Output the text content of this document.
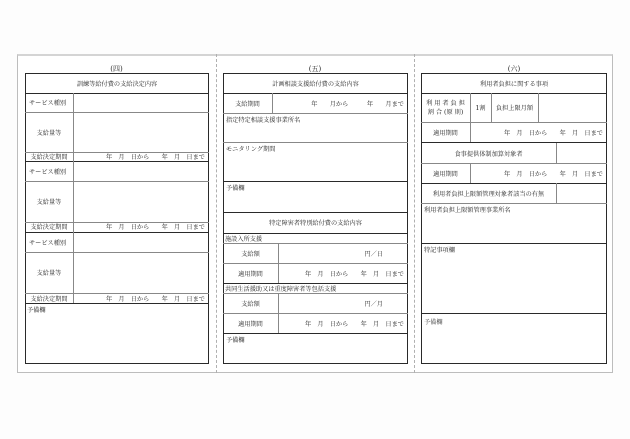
(四)
訓練等給付費の支給決定内容
サービス種別
支給量等
支給決定期間	年　月　日から　　年　月　日まで
サービス種別
支給量等
支給決定期間	年　月　日から　　年　月　日まで
サービス種別
支給量等
支給決定期間	年　月　日から　　年　月　日まで
予備欄
(五)
計画相談支援給付費の支給内容
支給期間	年　　月から　　　年　　月まで
指定特定相談支援事業所名
モニタリング期間
予備欄
特定障害者特別給付費の支給内容
施設入所支援
支給額	円／日
適用期間	年　月　日から　　年　月　日まで
共同生活援助又は重度障害者等包括支援
支給額	円／月
適用期間	年　月　日から　　年　月　日まで
予備欄
(六)
利用者負担に関する事項
利 用 者 負 担
割 合 (原 則)	1割	負担上限月額
適用期間	年　月　日から　　年　月　日まで
食事提供体制加算対象者
適用期間	年　月　日から　　年　月　日まで
利用者負担上限額管理対象者該当の有無
利用者負担上限額管理事業所名
特記事項欄
予備欄
